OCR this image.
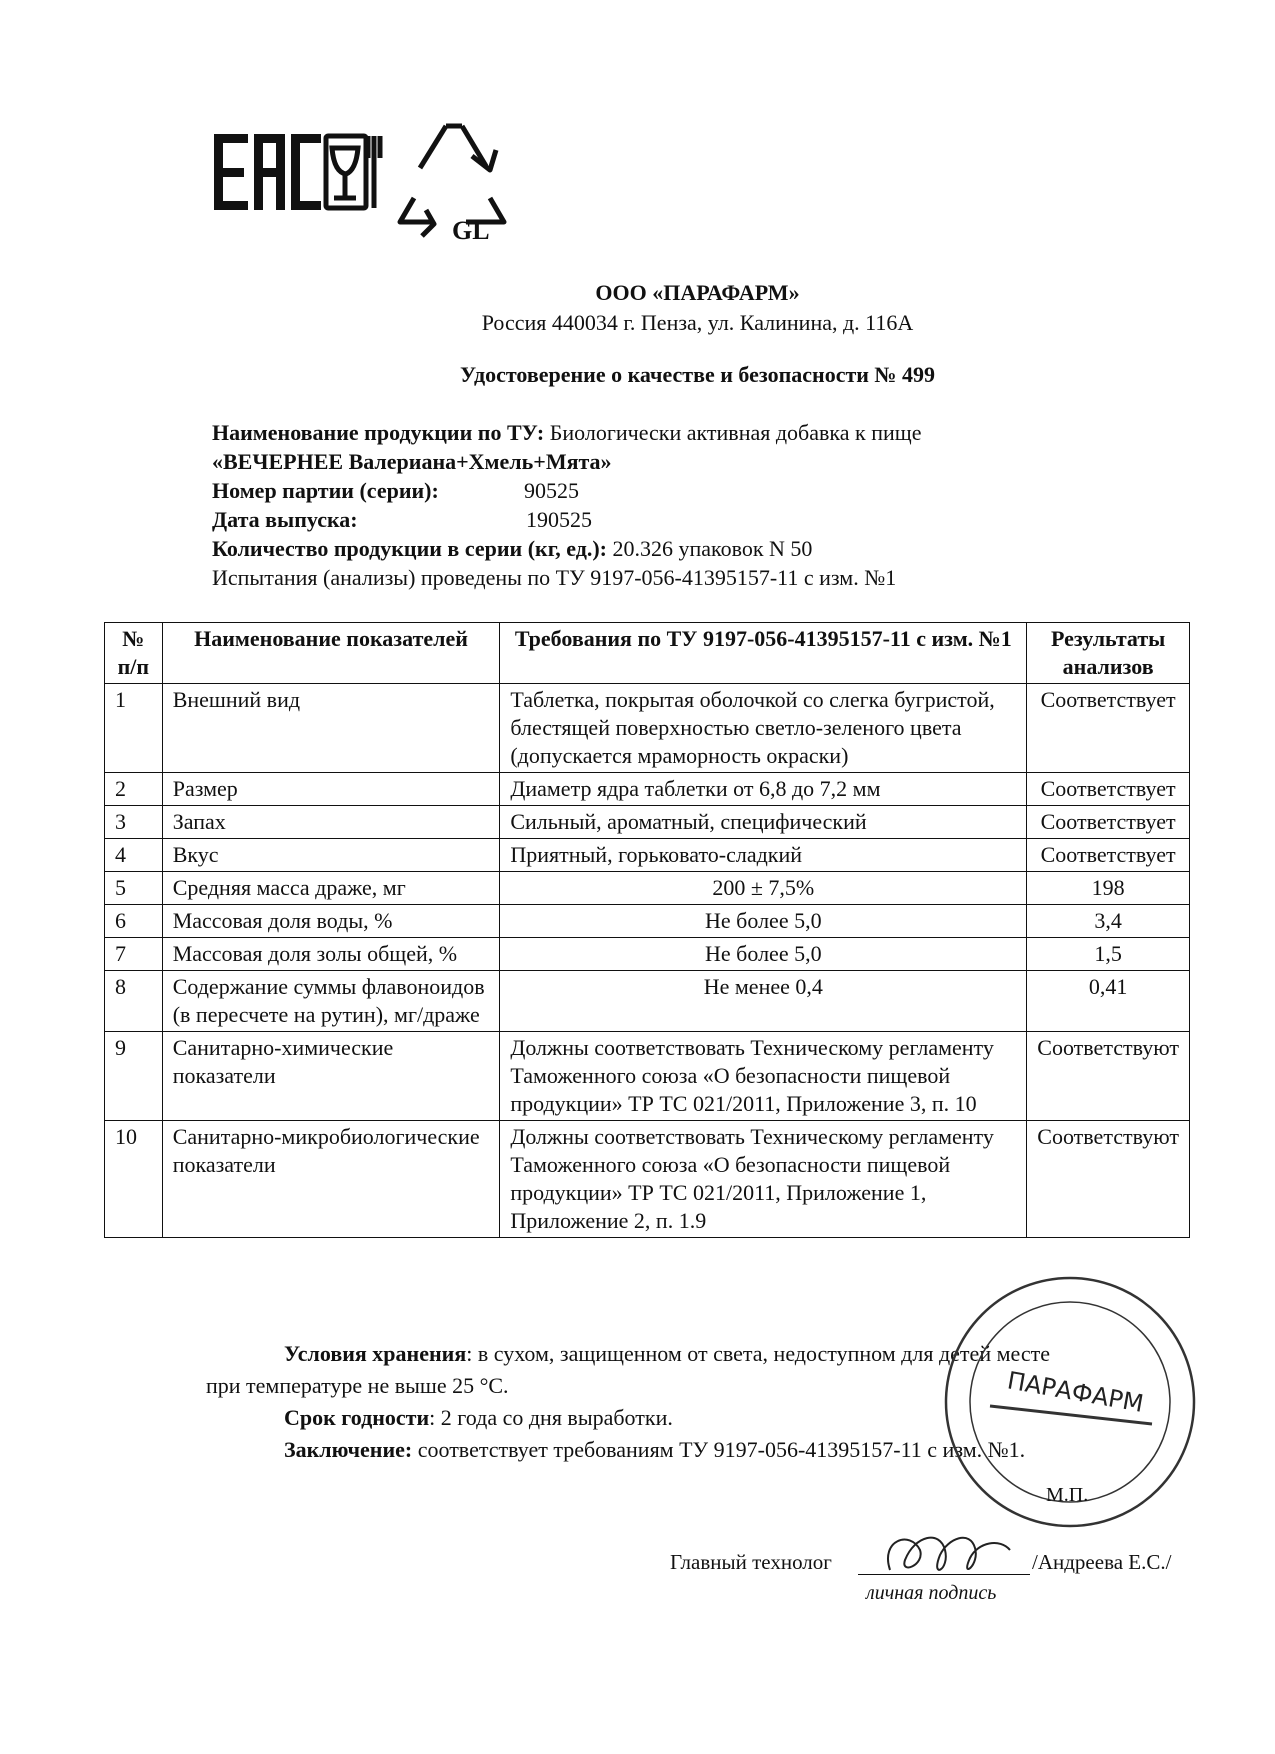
GL
ООО «ПАРАФАРМ»
Россия 440034 г. Пенза, ул. Калинина, д. 116А
Удостоверение о качестве и безопасности № 499
Наименование продукции по ТУ: Биологически активная добавка к пище
«ВЕЧЕРНЕЕ Валериана+Хмель+Мята»
Номер партии (серии):	90525
Дата выпуска:	190525
Количество продукции в серии (кг, ед.): 20.326 упаковок N 50
Испытания (анализы) проведены по ТУ 9197-056-41395157-11 с изм. №1
№ п/п	Наименование показателей	Требования по ТУ 9197-056-41395157-11 с изм. №1	Результаты анализов
1	Внешний вид	Таблетка, покрытая оболочкой со слегка бугристой, блестящей поверхностью светло-зеленого цвета (допускается мраморность окраски)	Соответствует
2	Размер	Диаметр ядра таблетки от 6,8 до 7,2 мм	Соответствует
3	Запах	Сильный, ароматный, специфический	Соответствует
4	Вкус	Приятный, горьковато-сладкий	Соответствует
5	Средняя масса драже, мг	200 ± 7,5%	198
6	Массовая доля воды, %	Не более 5,0	3,4
7	Массовая доля золы общей, %	Не более 5,0	1,5
8	Содержание суммы флавоноидов (в пересчете на рутин), мг/драже	Не менее 0,4	0,41
9	Санитарно-химические показатели	Должны соответствовать Техническому регламенту Таможенного союза «О безопасности пищевой продукции» ТР ТС 021/2011, Приложение 3, п. 10	Соответствуют
10	Санитарно-микробиологические показатели	Должны соответствовать Техническому регламенту Таможенного союза «О безопасности пищевой продукции» ТР ТС 021/2011, Приложение 1, Приложение 2, п. 1.9	Соответствуют
Условия хранения: в сухом, защищенном от света, недоступном для детей месте
при температуре не выше 25 °С.
Срок годности: 2 года со дня выработки.
Заключение: соответствует требованиям ТУ 9197-056-41395157-11 с изм. №1.
ПАРАФАРМ
М.П.
Главный технолог	/Андреева Е.С./
личная подпись
